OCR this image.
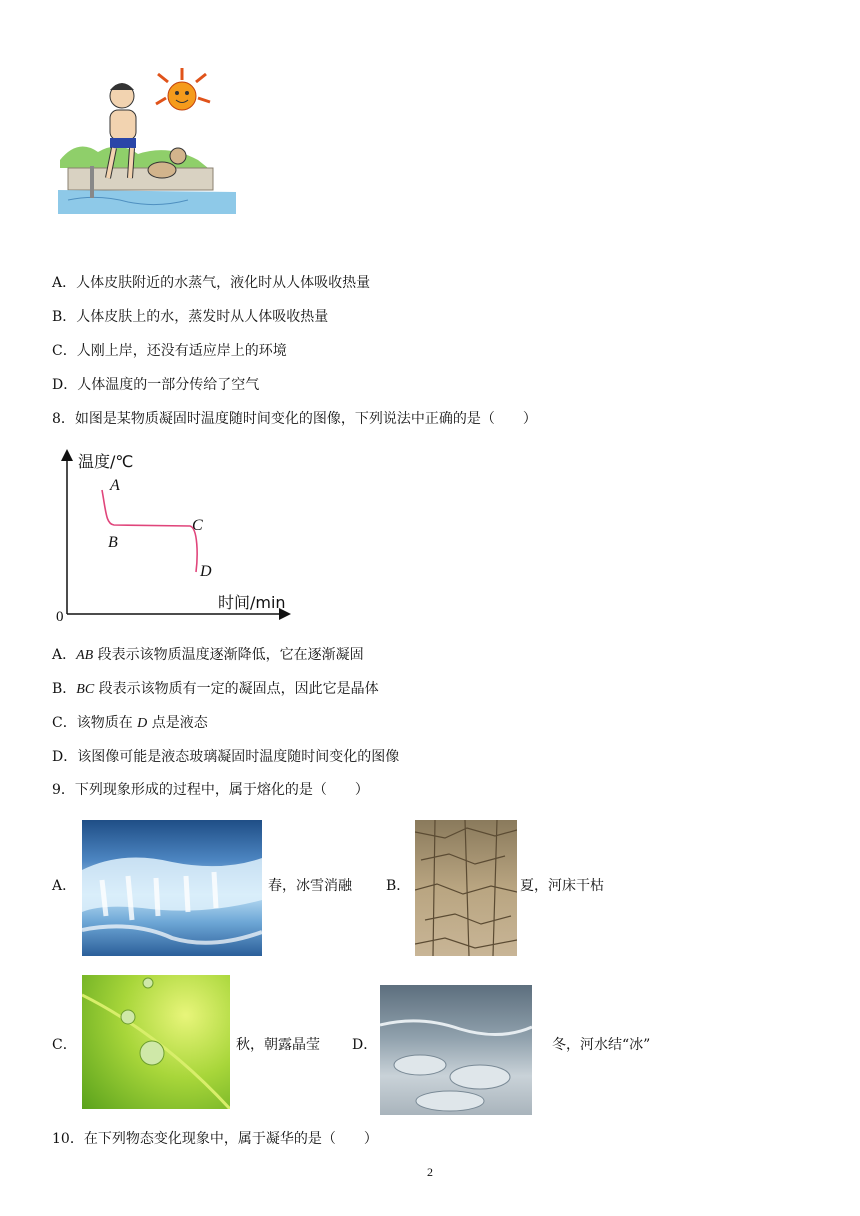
A．人体皮肤附近的水蒸气，液化时从人体吸收热量
B．人体皮肤上的水，蒸发时从人体吸收热量
C．人刚上岸，还没有适应岸上的环境
D．人体温度的一部分传给了空气
8．如图是某物质凝固时温度随时间变化的图像，下列说法中正确的是（　　）
温度/℃
时间/min
0
A
B
C
D
A．AB 段表示该物质温度逐渐降低，它在逐渐凝固
B．BC 段表示该物质有一定的凝固点，因此它是晶体
C．该物质在 D 点是液态
D．该图像可能是液态玻璃凝固时温度随时间变化的图像
9．下列现象形成的过程中，属于熔化的是（　　）
A．	春，冰雪消融 B．	夏，河床干枯
C．	秋，朝露晶莹 D．	冬，河水结“冰”
10．在下列物态变化现象中，属于凝华的是（　　）
2
